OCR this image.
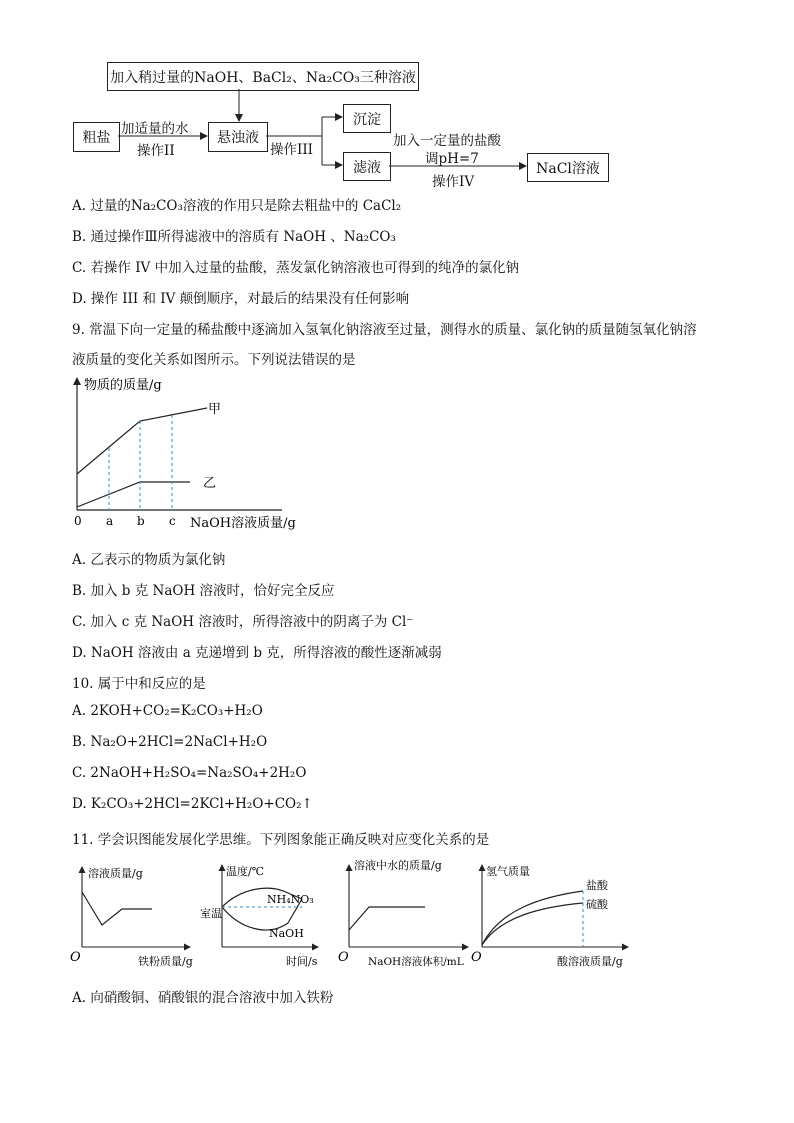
加入稍过量的NaOH、BaCl₂、Na₂CO₃三种溶液
粗盐	悬浊液
沉淀
滤液	NaCl溶液
加适量的水
操作II	操作III
加入一定量的盐酸
调pH=7
操作IV
A. 过量的Na₂CO₃溶液的作用只是除去粗盐中的 CaCl₂
B. 通过操作Ⅲ所得滤液中的溶质有 NaOH 、Na₂CO₃
C. 若操作 IV 中加入过量的盐酸，蒸发氯化钠溶液也可得到的纯净的氯化钠
D. 操作 III 和 IV 颠倒顺序，对最后的结果没有任何影响
9. 常温下向一定量的稀盐酸中逐滴加入氢氧化钠溶液至过量，测得水的质量、氯化钠的质量随氢氧化钠溶
液质量的变化关系如图所示。下列说法错误的是
物质的质量/g
甲
乙
0 a b c NaOH溶液质量/g
A. 乙表示的物质为氯化钠
B. 加入 b 克 NaOH 溶液时，恰好完全反应
C. 加入 c 克 NaOH 溶液时，所得溶液中的阴离子为 Cl⁻
D. NaOH 溶液由 a 克递增到 b 克，所得溶液的酸性逐渐减弱
10. 属于中和反应的是
A. 2KOH+CO₂=K₂CO₃+H₂O
B. Na₂O+2HCl=2NaCl+H₂O
C. 2NaOH+H₂SO₄=Na₂SO₄+2H₂O
D. K₂CO₃+2HCl=2KCl+H₂O+CO₂↑
11. 学会识图能发展化学思维。下列图象能正确反映对应变化关系的是
溶液质量/g
O	铁粉质量/g
温度/℃
室温
NH₄NO₃
NaOH
时间/s
溶液中水的质量/g
O NaOH溶液体积/mL
氢气质量
盐酸
硫酸
O	酸溶液质量/g
A. 向硝酸铜、硝酸银的混合溶液中加入铁粉
